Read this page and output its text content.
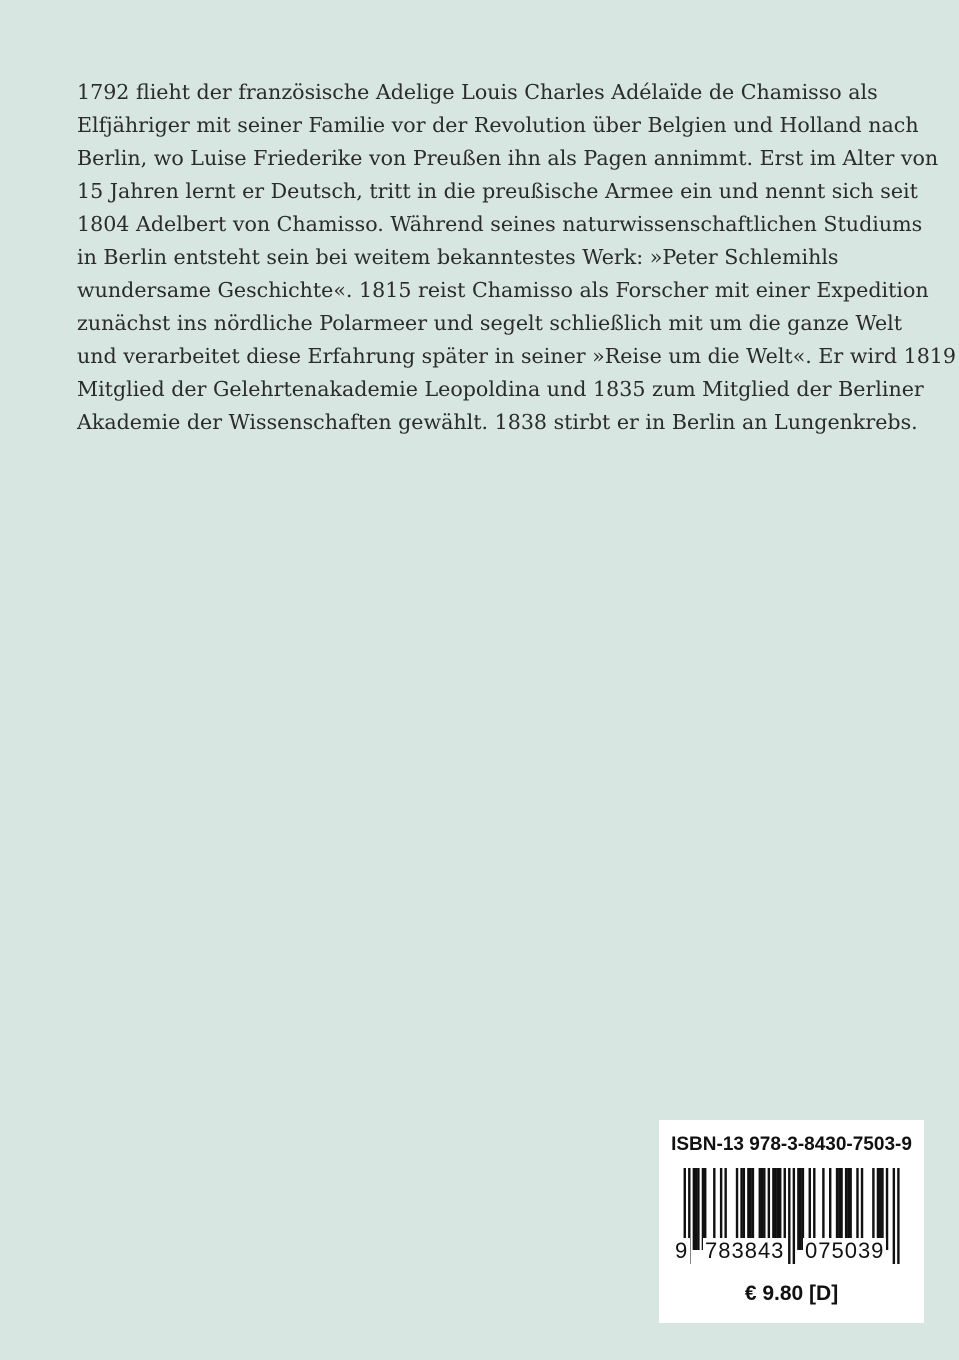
1792 flieht der französische Adelige Louis Charles Adélaïde de Chamisso als
Elfjähriger mit seiner Familie vor der Revolution über Belgien und Holland nach
Berlin, wo Luise Friederike von Preußen ihn als Pagen annimmt. Erst im Alter von
15 Jahren lernt er Deutsch, tritt in die preußische Armee ein und nennt sich seit
1804 Adelbert von Chamisso. Während seines naturwissenschaftlichen Studiums
in Berlin entsteht sein bei weitem bekanntestes Werk: »Peter Schlemihls
wundersame Geschichte«. 1815 reist Chamisso als Forscher mit einer Expedition
zunächst ins nördliche Polarmeer und segelt schließlich mit um die ganze Welt
und verarbeitet diese Erfahrung später in seiner »Reise um die Welt«. Er wird 1819
Mitglied der Gelehrtenakademie Leopoldina und 1835 zum Mitglied der Berliner
Akademie der Wissenschaften gewählt. 1838 stirbt er in Berlin an Lungenkrebs.
ISBN-13 978-3-8430-7503-9
9 783843 075039
€ 9.80 [D]
